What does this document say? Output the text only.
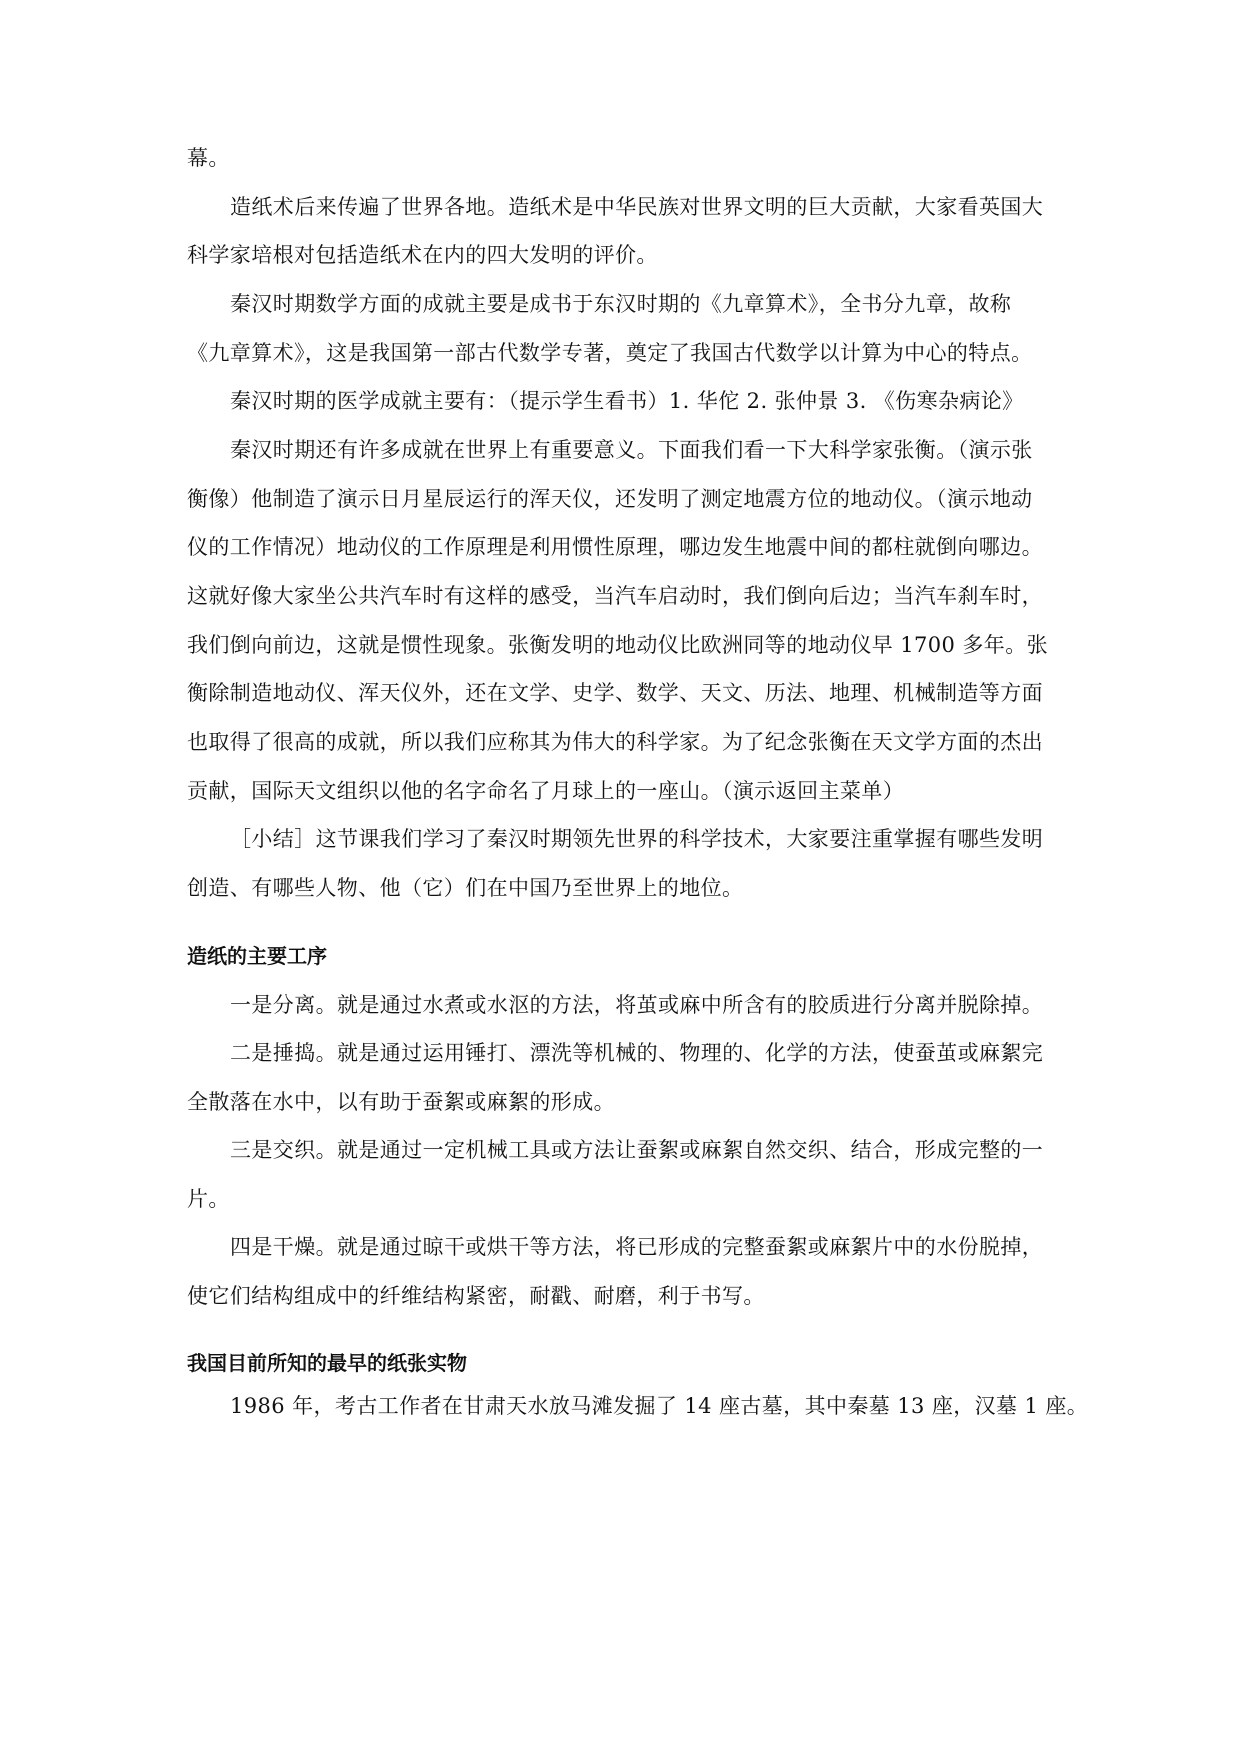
幕。
造纸术后来传遍了世界各地。造纸术是中华民族对世界文明的巨大贡献，大家看英国大
科学家培根对包括造纸术在内的四大发明的评价。
秦汉时期数学方面的成就主要是成书于东汉时期的《九章算术》，全书分九章，故称
《九章算术》，这是我国第一部古代数学专著，奠定了我国古代数学以计算为中心的特点。
秦汉时期的医学成就主要有：（提示学生看书）1. 华佗 2. 张仲景 3. 《伤寒杂病论》
秦汉时期还有许多成就在世界上有重要意义。下面我们看一下大科学家张衡。（演示张
衡像）他制造了演示日月星辰运行的浑天仪，还发明了测定地震方位的地动仪。（演示地动
仪的工作情况）地动仪的工作原理是利用惯性原理，哪边发生地震中间的都柱就倒向哪边。
这就好像大家坐公共汽车时有这样的感受，当汽车启动时，我们倒向后边；当汽车刹车时，
我们倒向前边，这就是惯性现象。张衡发明的地动仪比欧洲同等的地动仪早 1700 多年。张
衡除制造地动仪、浑天仪外，还在文学、史学、数学、天文、历法、地理、机械制造等方面
也取得了很高的成就，所以我们应称其为伟大的科学家。为了纪念张衡在天文学方面的杰出
贡献，国际天文组织以他的名字命名了月球上的一座山。（演示返回主菜单）
［小结］这节课我们学习了秦汉时期领先世界的科学技术，大家要注重掌握有哪些发明
创造、有哪些人物、他（它）们在中国乃至世界上的地位。
造纸的主要工序
一是分离。就是通过水煮或水沤的方法，将茧或麻中所含有的胶质进行分离并脱除掉。
二是捶捣。就是通过运用锤打、漂洗等机械的、物理的、化学的方法，使蚕茧或麻絮完
全散落在水中，以有助于蚕絮或麻絮的形成。
三是交织。就是通过一定机械工具或方法让蚕絮或麻絮自然交织、结合，形成完整的一
片。
四是干燥。就是通过晾干或烘干等方法，将已形成的完整蚕絮或麻絮片中的水份脱掉，
使它们结构组成中的纤维结构紧密，耐戳、耐磨，利于书写。
我国目前所知的最早的纸张实物
1986 年，考古工作者在甘肃天水放马滩发掘了 14 座古墓，其中秦墓 13 座，汉墓 1 座。
